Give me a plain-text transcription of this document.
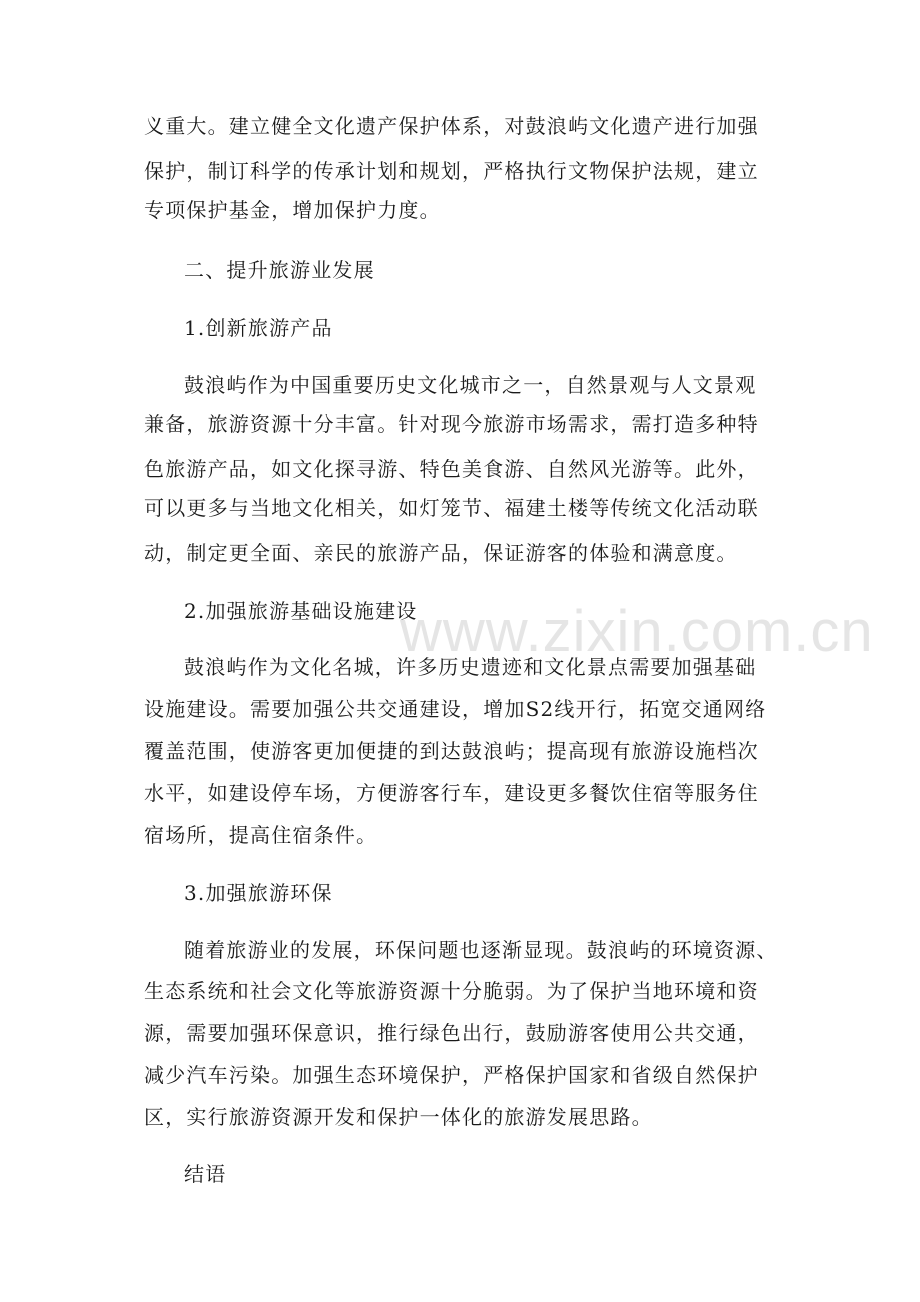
义重大。建立健全文化遗产保护体系，对鼓浪屿文化遗产进行加强
保护，制订科学的传承计划和规划，严格执行文物保护法规，建立
专项保护基金，增加保护力度。
二、提升旅游业发展
1.创新旅游产品
鼓浪屿作为中国重要历史文化城市之一，自然景观与人文景观
兼备，旅游资源十分丰富。针对现今旅游市场需求，需打造多种特
色旅游产品，如文化探寻游、特色美食游、自然风光游等。此外，
可以更多与当地文化相关，如灯笼节、福建土楼等传统文化活动联
动，制定更全面、亲民的旅游产品，保证游客的体验和满意度。
2.加强旅游基础设施建设
鼓浪屿作为文化名城，许多历史遗迹和文化景点需要加强基础
设施建设。需要加强公共交通建设，增加S2线开行，拓宽交通网络
覆盖范围，使游客更加便捷的到达鼓浪屿；提高现有旅游设施档次
水平，如建设停车场，方便游客行车，建设更多餐饮住宿等服务住
宿场所，提高住宿条件。
3.加强旅游环保
随着旅游业的发展，环保问题也逐渐显现。鼓浪屿的环境资源、
生态系统和社会文化等旅游资源十分脆弱。为了保护当地环境和资
源，需要加强环保意识，推行绿色出行，鼓励游客使用公共交通，
减少汽车污染。加强生态环境保护，严格保护国家和省级自然保护
区，实行旅游资源开发和保护一体化的旅游发展思路。
结语
www.zixin.com.cn
